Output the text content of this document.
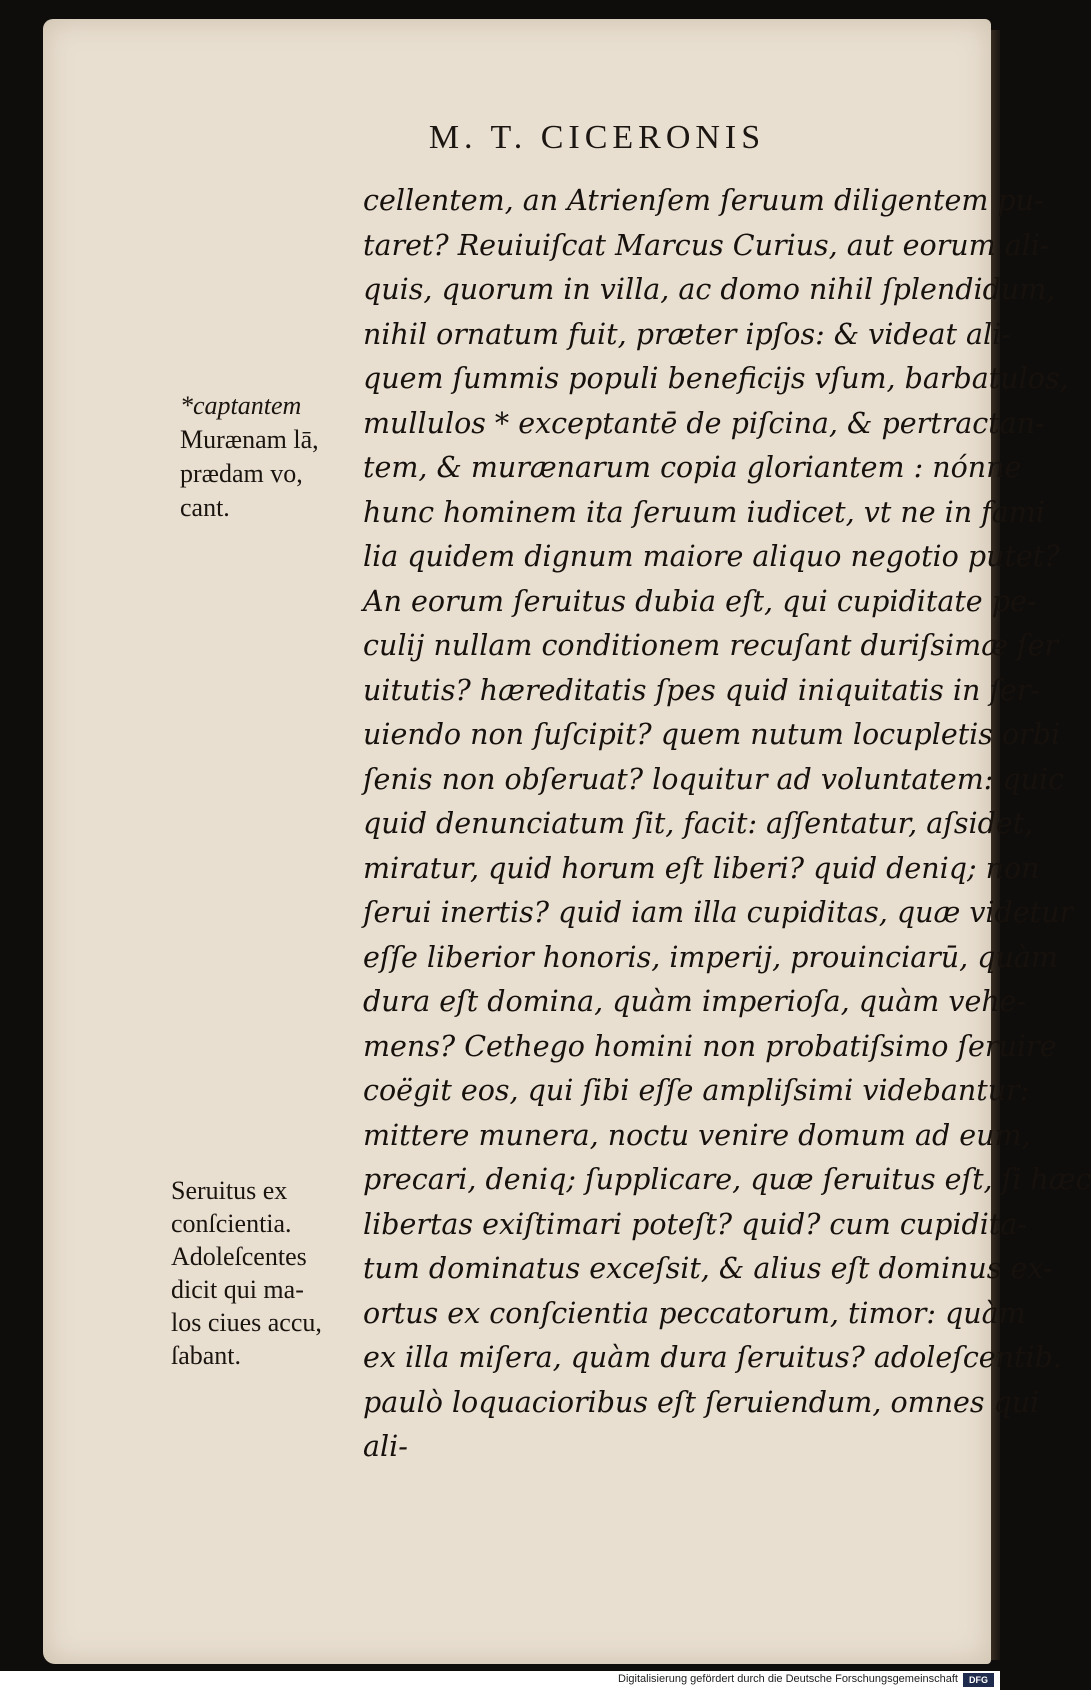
M. T. CICERONIS
cellentem, an Atrienſem ſeruum diligentem pu-
taret? Reuiuiſcat Marcus Curius, aut eorum ali-
quis, quorum in villa, ac domo nihil ſplendidum,
nihil ornatum fuit, præter ipſos: & videat ali-
quem ſummis populi beneficijs vſum, barbatulos,
mullulos * exceptantē de piſcina, & pertractan-
tem, & murænarum copia gloriantem : nónne
hunc hominem ita ſeruum iudicet, vt ne in fami
lia quidem dignum maiore aliquo negotio putet?
An eorum ſeruitus dubia eſt, qui cupiditate pe-
culij nullam conditionem recuſant duriſsimæ ſer
uitutis? hæreditatis ſpes quid iniquitatis in ſer-
uiendo non ſuſcipit? quem nutum locupletis orbi
ſenis non obſeruat? loquitur ad voluntatem: quic
quid denunciatum ſit, facit: aſſentatur, aſsidet,
miratur, quid horum eſt liberi? quid deniq; non
ſerui inertis? quid iam illa cupiditas, quæ videtur
eſſe liberior honoris, imperij, prouinciarū, quàm
dura eſt domina, quàm imperioſa, quàm vehe-
mens? Cethego homini non probatiſsimo ſeruire
coëgit eos, qui ſibi eſſe ampliſsimi videbantur:
mittere munera, noctu venire domum ad eum,
precari, deniq; ſupplicare, quæ ſeruitus eſt, ſi hæc
libertas exiſtimari poteſt? quid? cum cupidita-
tum dominatus exceſsit, & alius eſt dominus ex-
ortus ex conſcientia peccatorum, timor: quàm
ex illa miſera, quàm dura ſeruitus? adoleſcentib.
paulò loquacioribus eſt ſeruiendum, omnes qui
ali-
*captantem
Murænam lā,
prædam vo,
cant.
Seruitus ex
conſcientia.
Adoleſcentes
dicit qui ma-
los ciues accu,
ſabant.
Digitalisierung gefördert durch die Deutsche Forschungsgemeinschaft	DFG
